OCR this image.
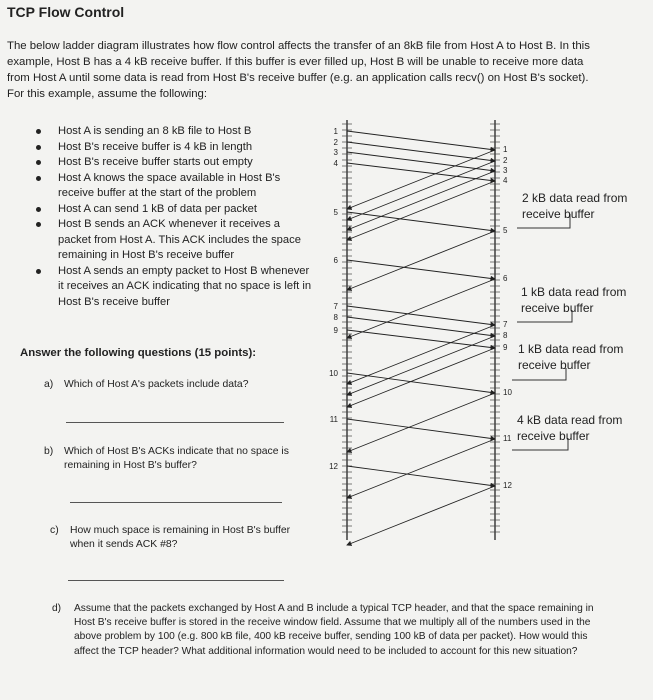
TCP Flow Control
The below ladder diagram illustrates how flow control affects the transfer of an 8kB file from Host A to Host B. In this example, Host B has a 4 kB receive buffer. If this buffer is ever filled up, Host B will be unable to receive more data from Host A until some data is read from Host B's receive buffer (e.g. an application calls recv() on Host B's socket). For this example, assume the following:
Host A is sending an 8 kB file to Host B
Host B's receive buffer is 4 kB in length
Host B's receive buffer starts out empty
Host A knows the space available in Host B's receive buffer at the start of the problem
Host A can send 1 kB of data per packet
Host B sends an ACK whenever it receives a packet from Host A. This ACK includes the space remaining in Host B's receive buffer
Host A sends an empty packet to Host B whenever it receives an ACK indicating that no space is left in Host B's receive buffer
Answer the following questions (15 points):
a) Which of Host A's packets include data?
b) Which of Host B's ACKs indicate that no space is remaining in Host B's buffer?
c) How much space is remaining in Host B's buffer when it sends ACK #8?
d)	Assume that the packets exchanged by Host A and B include a typical TCP header, and that the space remaining in Host B's receive buffer is stored in the receive window field. Assume that we multiply all of the numbers used in the above problem by 100 (e.g. 800 kB file, 400 kB receive buffer, sending 100 kB of data per packet). How would this affect the TCP header? What additional information would need to be included to account for this new situation?
1
2
3
4
5
6
7
8
9
10
11
12
1
2
3
4
5
6
7
8
9
10
11
12
2 kB data read from receive buffer
1 kB data read from receive buffer
1 kB data read from receive buffer
4 kB data read from receive buffer
